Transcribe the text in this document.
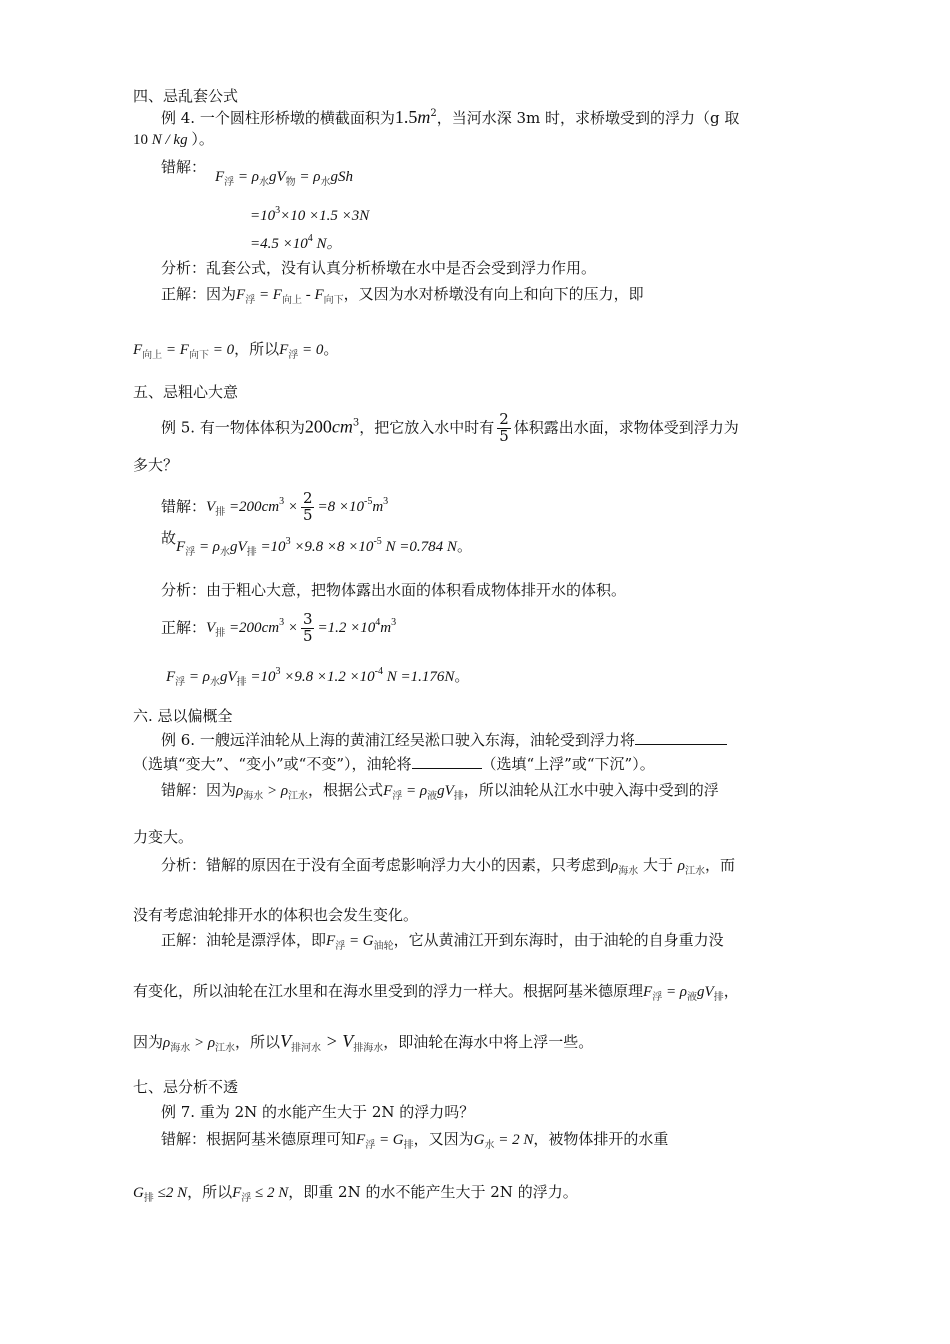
四、忌乱套公式
例 4. 一个圆柱形桥墩的横截面积为$1.5m^2$，当河水深 3m 时，求桥墩受到的浮力（g 取
10 N / kg ）。
错解：
$F_浮 = \rho_水gV_物 = \rho_水gSh$
$=10^3\times 10 \times 1.5 \times 3N$
$=4.5 \times 10^4$ N。
分析：乱套公式，没有认真分析桥墩在水中是否会受到浮力作用。
正解：因为$F_浮 = F_{向上} - F_{向下}$，又因为水对桥墩没有向上和向下的压力，即
$F_{向上} = F_{向下} = 0$，所以$F_浮 = 0$。
五、忌粗心大意
例 5. 有一物体体积为$200cm^3$，把它放入水中时有 $\frac{2}{5}$ 体积露出水面，求物体受到浮力为
多大？
错解：$V_排 =200cm^3 \times \frac{2}{5} =8 \times 10^{-5}m^3$
故$F_浮 = \rho_水gV_排 =10^3 \times 9.8 \times 8 \times 10^{-5}$ N =0.784 N。
分析：由于粗心大意，把物体露出水面的体积看成物体排开水的体积。
正解：$V_排 =200cm^3 \times \frac{3}{5} =1.2 \times 10^4m^3$
$F_浮 = \rho_水gV_排 =10^3 \times 9.8 \times 1.2 \times 10^{-4}$ N =1.176N。
六. 忌以偏概全
例 6. 一艘远洋油轮从上海的黄浦江经吴淞口驶入东海，油轮受到浮力将
（选填“变大”、“变小”或“不变”），油轮将	（选填“上浮”或“下沉”）。
错解：因为$\rho_{海水} > \rho_{江水}$，根据公式$F_浮 = \rho_液gV_排$，所以油轮从江水中驶入海中受到的浮
力变大。
分析：错解的原因在于没有全面考虑影响浮力大小的因素，只考虑到$\rho_{海水}$ 大于 $\rho_{江水}$，而
没有考虑油轮排开水的体积也会发生变化。
正解：油轮是漂浮体，即$F_浮 = G_{油轮}$，它从黄浦江开到东海时，由于油轮的自身重力没
有变化，所以油轮在江水里和在海水里受到的浮力一样大。根据阿基米德原理$F_浮 = \rho_液gV_排$，
因为$\rho_{海水} > \rho_{江水}$，所以$V_{排河水} > V_{排海水}$，即油轮在海水中将上浮一些。
七、忌分析不透
例 7. 重为 2N 的水能产生大于 2N 的浮力吗？
错解：根据阿基米德原理可知$F_浮 = G_排$，又因为$G_水 = 2$ N，被物体排开的水重
$G_排 \le 2$ N，所以$F_浮 \le 2$ N，即重 2N 的水不能产生大于 2N 的浮力。
